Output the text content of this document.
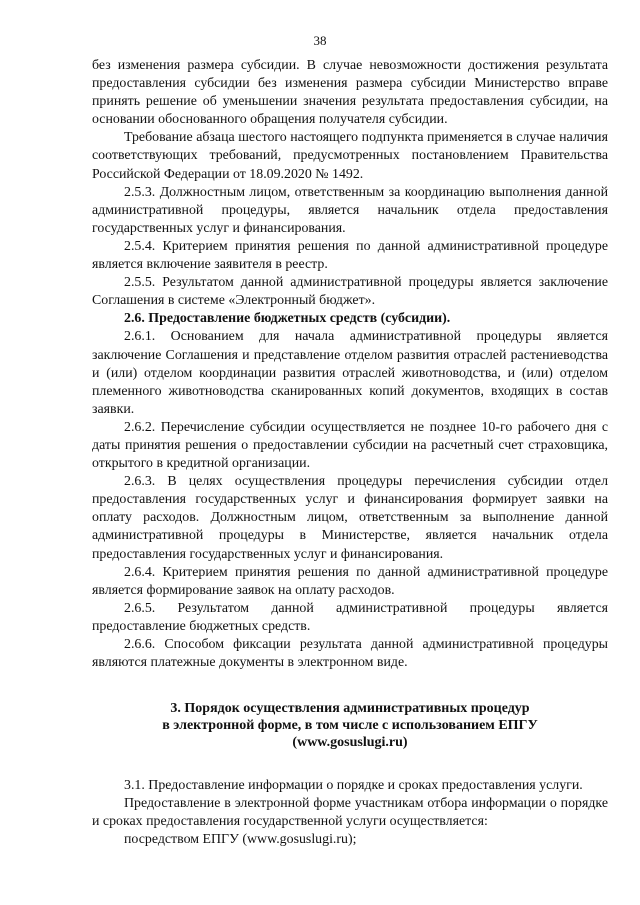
38

без изменения размера субсидии. В случае невозможности достижения результата предоставления субсидии без изменения размера субсидии Министерство вправе принять решение об уменьшении значения результата предоставления субсидии, на основании обоснованного обращения получателя субсидии.

Требование абзаца шестого настоящего подпункта применяется в случае наличия соответствующих требований, предусмотренных постановлением Правительства Российской Федерации от 18.09.2020 № 1492.

2.5.3. Должностным лицом, ответственным за координацию выполнения данной административной процедуры, является начальник отдела предоставления государственных услуг и финансирования.

2.5.4. Критерием принятия решения по данной административной процедуре является включение заявителя в реестр.

2.5.5. Результатом данной административной процедуры является заключение Соглашения в системе «Электронный бюджет».

2.6. Предоставление бюджетных средств (субсидии).

2.6.1. Основанием для начала административной процедуры является заключение Соглашения и представление отделом развития отраслей растениеводства и (или) отделом координации развития отраслей животноводства, и (или) отделом племенного животноводства сканированных копий документов, входящих в состав заявки.

2.6.2. Перечисление субсидии осуществляется не позднее 10-го рабочего дня с даты принятия решения о предоставлении субсидии на расчетный счет страховщика, открытого в кредитной организации.

2.6.3. В целях осуществления процедуры перечисления субсидии отдел предоставления государственных услуг и финансирования формирует заявки на оплату расходов. Должностным лицом, ответственным за выполнение данной административной процедуры в Министерстве, является начальник отдела предоставления государственных услуг и финансирования.

2.6.4. Критерием принятия решения по данной административной процедуре является формирование заявок на оплату расходов.

2.6.5. Результатом данной административной процедуры является предоставление бюджетных средств.

2.6.6. Способом фиксации результата данной административной процедуры являются платежные документы в электронном виде.

3. Порядок осуществления административных процедур
в электронной форме, в том числе с использованием ЕПГУ
(www.gosuslugi.ru)

3.1. Предоставление информации о порядке и сроках предоставления услуги.

Предоставление в электронной форме участникам отбора информации о порядке и сроках предоставления государственной услуги осуществляется:

посредством ЕПГУ (www.gosuslugi.ru);
